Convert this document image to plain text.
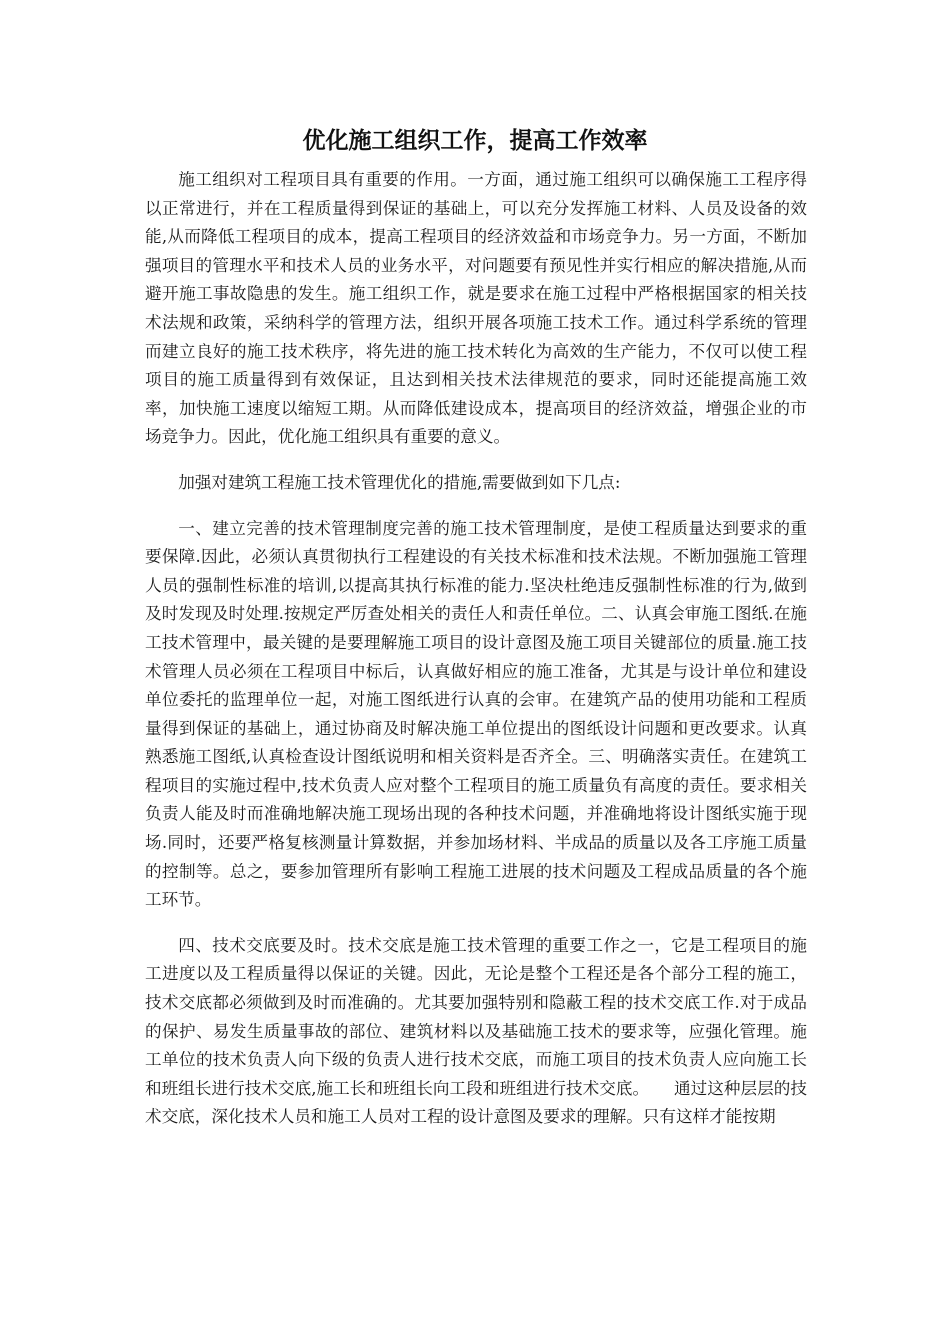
优化施工组织工作，提高工作效率

施工组织对工程项目具有重要的作用。一方面，通过施工组织可以确保施工工程序得以正常进行，并在工程质量得到保证的基础上，可以充分发挥施工材料、人员及设备的效能,从而降低工程项目的成本，提高工程项目的经济效益和市场竞争力。另一方面，不断加强项目的管理水平和技术人员的业务水平，对问题要有预见性并实行相应的解决措施,从而避开施工事故隐患的发生。施工组织工作，就是要求在施工过程中严格根据国家的相关技术法规和政策，采纳科学的管理方法，组织开展各项施工技术工作。通过科学系统的管理而建立良好的施工技术秩序，将先进的施工技术转化为高效的生产能力，不仅可以使工程项目的施工质量得到有效保证，且达到相关技术法律规范的要求，同时还能提高施工效率，加快施工速度以缩短工期。从而降低建设成本，提高项目的经济效益，增强企业的市场竞争力。因此，优化施工组织具有重要的意义。

加强对建筑工程施工技术管理优化的措施,需要做到如下几点:

一、建立完善的技术管理制度完善的施工技术管理制度，是使工程质量达到要求的重要保障.因此，必须认真贯彻执行工程建设的有关技术标准和技术法规。不断加强施工管理人员的强制性标准的培训,以提高其执行标准的能力.坚决杜绝违反强制性标准的行为,做到及时发现及时处理.按规定严厉查处相关的责任人和责任单位。二、认真会审施工图纸.在施工技术管理中，最关键的是要理解施工项目的设计意图及施工项目关键部位的质量.施工技术管理人员必须在工程项目中标后，认真做好相应的施工准备，尤其是与设计单位和建设单位委托的监理单位一起，对施工图纸进行认真的会审。在建筑产品的使用功能和工程质量得到保证的基础上，通过协商及时解决施工单位提出的图纸设计问题和更改要求。认真熟悉施工图纸,认真检查设计图纸说明和相关资料是否齐全。三、明确落实责任。在建筑工程项目的实施过程中,技术负责人应对整个工程项目的施工质量负有高度的责任。要求相关负责人能及时而准确地解决施工现场出现的各种技术问题，并准确地将设计图纸实施于现场.同时，还要严格复核测量计算数据，并参加场材料、半成品的质量以及各工序施工质量的控制等。总之，要参加管理所有影响工程施工进展的技术问题及工程成品质量的各个施工环节。

四、技术交底要及时。技术交底是施工技术管理的重要工作之一，它是工程项目的施工进度以及工程质量得以保证的关键。因此，无论是整个工程还是各个部分工程的施工，技术交底都必须做到及时而准确的。尤其要加强特别和隐蔽工程的技术交底工作.对于成品的保护、易发生质量事故的部位、建筑材料以及基础施工技术的要求等，应强化管理。施工单位的技术负责人向下级的负责人进行技术交底，而施工项目的技术负责人应向施工长和班组长进行技术交底,施工长和班组长向工段和班组进行技术交底。　　通过这种层层的技术交底，深化技术人员和施工人员对工程的设计意图及要求的理解。只有这样才能按期
